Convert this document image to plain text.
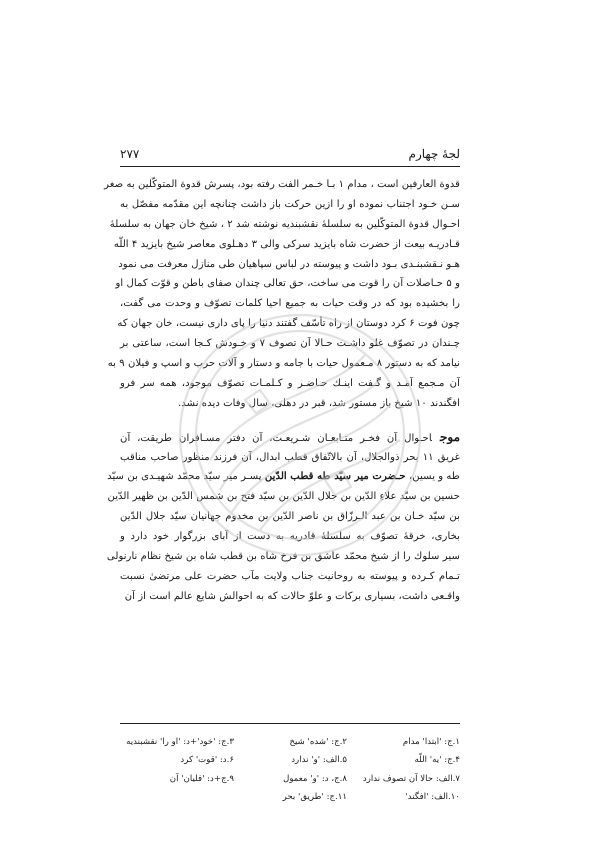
لجهٔ چهارم
۲۷۷
قدوة العارفین است ، مدام ۱ بـا خـمر الفت رفته بود، پسرش قدوة المتوكّلین به صغر
سـن خـود اجتناب نموده او را ازین حركت باز داشت چنانچه این مقدّمه مفصّل به
احـوال قدوة المتوكّلین به سلسلهٔ نقشبندیه نوشته شد ۲ ، شیخ خان جهان به سلسلهٔ
قـادریـه بیعت از حضرت شاه بایزید سركی والی ۳ دهـلوی معاصر شیخ بایزید ۴ اللّه
هـو نـقشبنـدی بـود داشت و پیوسته در لباس سپاهیان طی منازل معرفت می نمود
و ۵ حـاصلات آن را قوت می ساخت، حق تعالی چندان صفای باطن و قوّت كمال او
را بخشیده بود كه در وقت حیات به جمیع احیا كلمات تصوّف و وحدت می گفت،
چون فوت ۶ كرد دوستان از راه تأسّف گفتند دنیا را پای داری نیست، خان جهان كه
چـندان در تصوّف غلو داشـت حـالا آن تصوف ۷ و خـودش كـجا است، ساعتی بر
نیامد كه به دستور ۸ مـعمول حیات با جامه و دستار و آلات حرب و اسپ و فیلان ۹ به
آن مـجمع آمـد و گـفت اینـك حـاضـر و كـلمـات تصوّف موجود، همه سر فرو
افگندند ۱۰ شیخ باز مستور شد، قبر در دهلی، سال وفات دیده نشد.
موجاحـوال آن فخـر متـابعـان شـریعـت، آن دفتر مسـافران طریقت، آن
غریق ۱۱ بحر ذوالجلال، آن بالاتّفاق قطب ابدال، آن فرزند منظور صاحب مناقب
طه و یسین، حـضرت میر سیّد طه قطب الدّین پسـر میر سیّد محمّد شهیـدی بن سیّد
حسین بن سیّد علاءِ الدّین بن جلال الدّین بن سیّد فتح بن شمس الدّین بن ظهیر الدّین
بن سیّد خـان بن عبد الـرزّاق بن ناصر الدّین بن مخدوم جهانیان سیّد جلال الدّین
بخاری، خرقهٔ تصوّف به سلسلهٔ قادریه به دست از آبای بزرگوار خود دارد و
سیر سلوك را از شیخ محمّد عاشق بن فرخ شاه بن قطب شاه بن شیخ نظام نارنولی
تـمام كـرده و پیوسته به روحانیت جناب ولایت مآب حضرت علی مرتضیٰ نسبت
واقـعی داشت، بسیاری بركات و علوّ حالات كه به احوالش شایع عالم است از آن
۱.ج: 'ابتدا' مدام
۲.ج: 'شده' شیخ
۳.ج: 'خود'+د: 'او را' نقشبندیه
۴.ج: 'یه' اللّه
۵.الف: 'و' ندارد
۶.د: 'قوت' كرد
۷.الف: حالا آن تصوف ندارد
۸.ج، د: 'و' معمول
۹.ج+د: 'فلیان' آن
۱۰.الف: 'افگند'
۱۱.ج: 'طریق' بحر
